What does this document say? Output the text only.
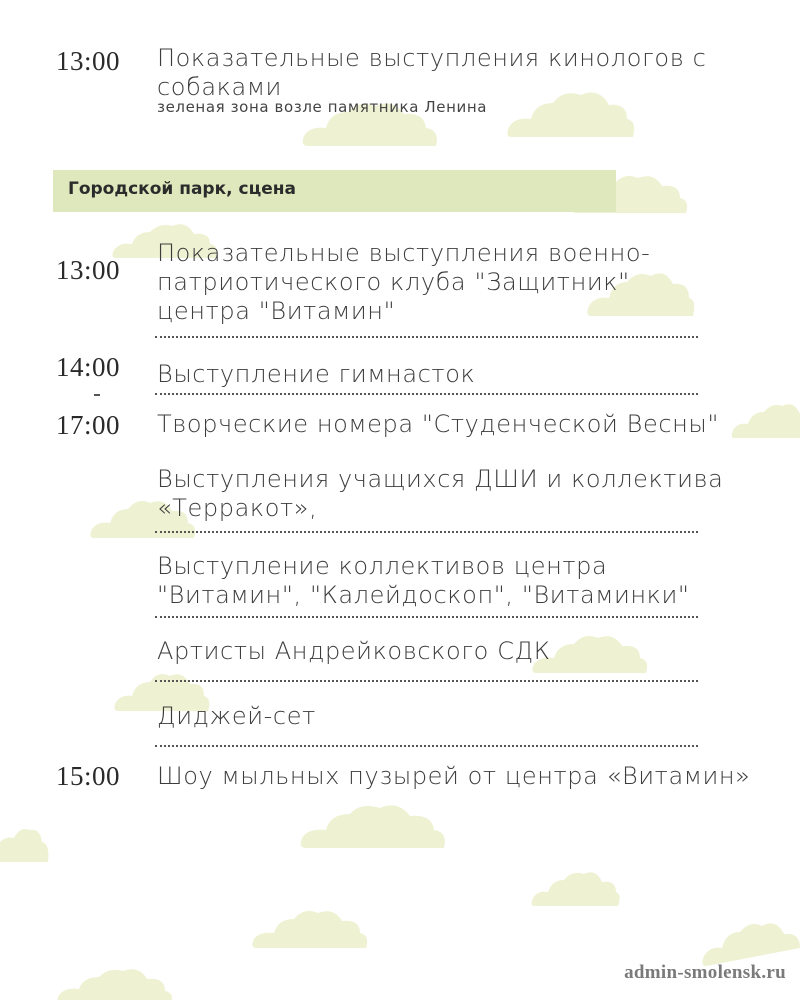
13:00 Показательные выступления кинологов с
собаками
зеленая зона возле памятника Ленина
Городской парк, сцена
13:00
Показательные выступления военно-
патриотического клуба "Защитник"
центра "Витамин"
14:00 Выступление гимнасток
17:00 Творческие номера "Студенческой Весны"
Выступления учащихся ДШИ и коллектива
«Терракот»,
Выступление коллективов центра
"Витамин", "Калейдоскоп", "Витаминки"
Артисты Андрейковского СДК
Диджей-сет
15:00 Шоу мыльных пузырей от центра «Витамин»
admin-smolensk.ru
